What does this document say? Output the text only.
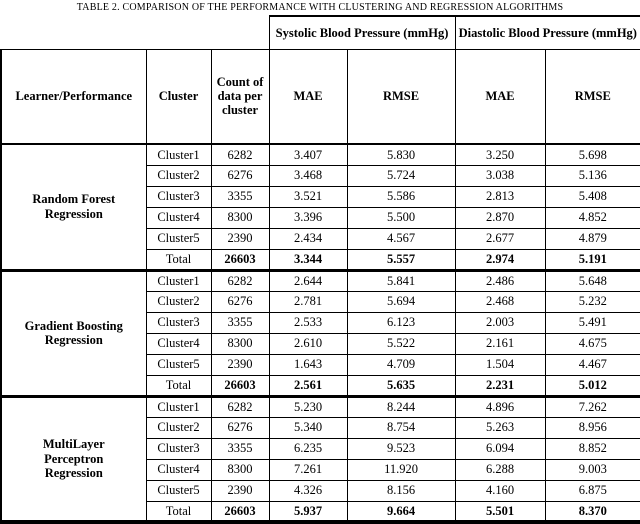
TABLE 2. COMPARISON OF THE PERFORMANCE WITH CLUSTERING AND REGRESSION ALGORITHMS
			Systolic Blood Pressure (mmHg)		Diastolic Blood Pressure (mmHg)	
Learner/Performance	Cluster	Count of data per cluster	MAE	RMSE	MAE	RMSE
Random Forest Regression	Cluster1	6282	3.407	5.830	3.250	5.698
	Cluster2	6276	3.468	5.724	3.038	5.136
	Cluster3	3355	3.521	5.586	2.813	5.408
	Cluster4	8300	3.396	5.500	2.870	4.852
	Cluster5	2390	2.434	4.567	2.677	4.879
	Total	26603	3.344	5.557	2.974	5.191
Gradient Boosting Regression	Cluster1	6282	2.644	5.841	2.486	5.648
	Cluster2	6276	2.781	5.694	2.468	5.232
	Cluster3	3355	2.533	6.123	2.003	5.491
	Cluster4	8300	2.610	5.522	2.161	4.675
	Cluster5	2390	1.643	4.709	1.504	4.467
	Total	26603	2.561	5.635	2.231	5.012
MultiLayer Perceptron Regression	Cluster1	6282	5.230	8.244	4.896	7.262
	Cluster2	6276	5.340	8.754	5.263	8.956
	Cluster3	3355	6.235	9.523	6.094	8.852
	Cluster4	8300	7.261	11.920	6.288	9.003
	Cluster5	2390	4.326	8.156	4.160	6.875
	Total	26603	5.937	9.664	5.501	8.370
